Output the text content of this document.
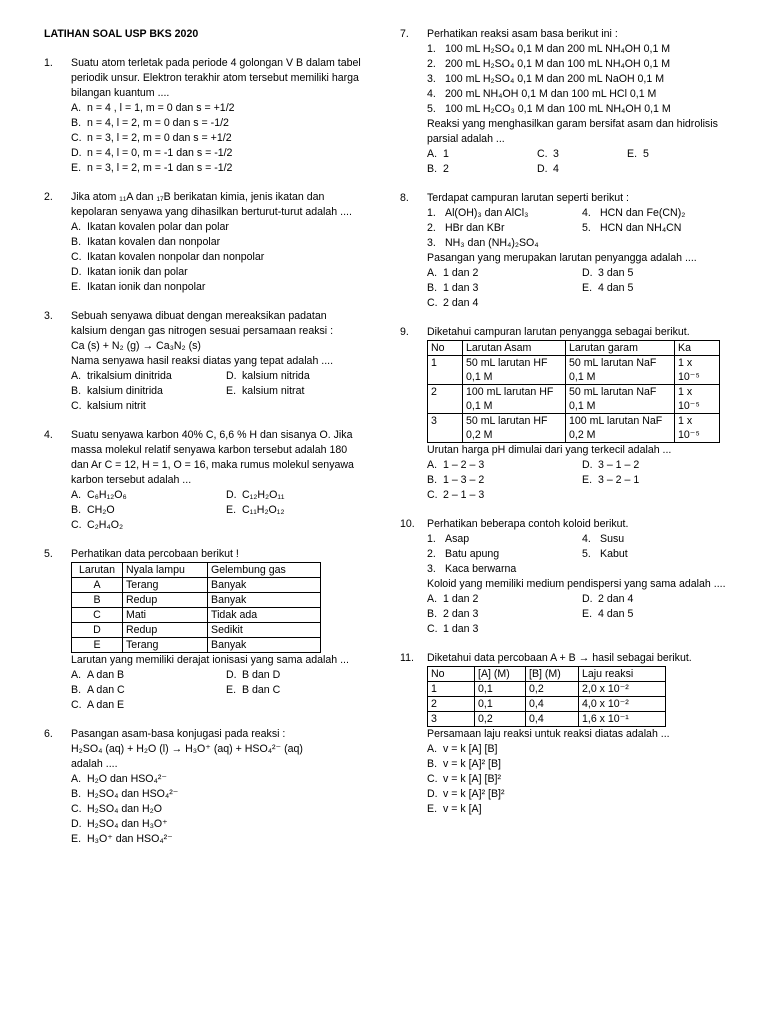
LATIHAN SOAL USP BKS 2020
1.	Suatu atom terletak pada periode 4 golongan V B dalam tabel periodik unsur. Elektron terakhir atom tersebut memiliki harga bilangan kuantum ....
A. n = 4 , l = 1, m = 0 dan s = +1/2
B. n = 4, l = 2, m = 0 dan s = -1/2
C. n = 3, l = 2, m = 0 dan s = +1/2
D. n = 4, l = 0, m = -1 dan s = -1/2
E. n = 3, l = 2, m = -1 dan s = -1/2
2.	Jika atom ₁₁A dan ₁₇B berikatan kimia, jenis ikatan dan kepolaran senyawa yang dihasilkan berturut-turut adalah ....
A. Ikatan kovalen polar dan polar
B. Ikatan kovalen dan nonpolar
C. Ikatan kovalen nonpolar dan nonpolar
D. Ikatan ionik dan polar
E. Ikatan ionik dan nonpolar
3.	Sebuah senyawa dibuat dengan mereaksikan padatan kalsium dengan gas nitrogen sesuai persamaan reaksi :
Ca (s) + N₂ (g) → Ca₃N₂ (s)
Nama senyawa hasil reaksi diatas yang tepat adalah ....
A. trikalsium dinitrida	D. kalsium nitrida
B. kalsium dinitrida	E. kalsium nitrat
C. kalsium nitrit
4.	Suatu senyawa karbon 40% C, 6,6 % H dan sisanya O. Jika massa molekul relatif senyawa karbon tersebut adalah 180 dan Ar C = 12, H = 1, O = 16, maka rumus molekul senyawa karbon tersebut adalah ...
A. C₆H₁₂O₆	D. C₁₂H₂O₁₁
B. CH₂O	E. C₁₁H₂O₁₂
C. C₂H₄O₂
5.	Perhatikan data percobaan berikut !
Larutan	Nyala lampu	Gelembung gas
A	Terang	Banyak
B	Redup	Banyak
C	Mati	Tidak ada
D	Redup	Sedikit
E	Terang	Banyak
Larutan yang memiliki derajat ionisasi yang sama adalah ...
A. A dan B	D. B dan D
B. A dan C	E. B dan C
C. A dan E
6.	Pasangan asam-basa konjugasi pada reaksi :
H₂SO₄ (aq) + H₂O (l) → H₃O⁺ (aq) + HSO₄²⁻ (aq)
adalah ....
A. H₂O dan HSO₄²⁻
B. H₂SO₄ dan HSO₄²⁻
C. H₂SO₄ dan H₂O
D. H₂SO₄ dan H₃O⁺
E. H₃O⁺ dan HSO₄²⁻
7.	Perhatikan reaksi asam basa berikut ini :
1. 100 mL H₂SO₄ 0,1 M dan 200 mL NH₄OH 0,1 M
2. 200 mL H₂SO₄ 0,1 M dan 100 mL NH₄OH 0,1 M
3. 100 mL H₂SO₄ 0,1 M dan 200 mL NaOH 0,1 M
4. 200 mL NH₄OH 0,1 M dan 100 mL HCl 0,1 M
5. 100 mL H₂CO₃ 0,1 M dan 100 mL NH₄OH 0,1 M
Reaksi yang menghasilkan garam bersifat asam dan hidrolisis parsial adalah ...
A. 1	C. 3	E. 5
B. 2	D. 4
8.	Terdapat campuran larutan seperti berikut :
1. Al(OH)₃ dan AlCl₃	4. HCN dan Fe(CN)₂
2. HBr dan KBr	5. HCN dan NH₄CN
3. NH₃ dan (NH₄)₂SO₄
Pasangan yang merupakan larutan penyangga adalah ....
A. 1 dan 2	D. 3 dan 5
B. 1 dan 3	E. 4 dan 5
C. 2 dan 4
9.	Diketahui campuran larutan penyangga sebagai berikut.
No	Larutan Asam	Larutan garam	Ka
1	50 mL larutan HF 0,1 M	50 mL larutan NaF 0,1 M	1 x 10⁻⁵
2	100 mL larutan HF 0,1 M	50 mL larutan NaF 0,1 M	1 x 10⁻⁵
3	50 mL larutan HF 0,2 M	100 mL larutan NaF 0,2 M	1 x 10⁻⁵
Urutan harga pH dimulai dari yang terkecil adalah ...
A. 1 – 2 – 3	D. 3 – 1 – 2
B. 1 – 3 – 2	E. 3 – 2 – 1
C. 2 – 1 – 3
10.	Perhatikan beberapa contoh koloid berikut.
1. Asap	4. Susu
2. Batu apung	5. Kabut
3. Kaca berwarna
Koloid yang memiliki medium pendispersi yang sama adalah ....
A. 1 dan 2	D. 2 dan 4
B. 2 dan 3	E. 4 dan 5
C. 1 dan 3
11.	Diketahui data percobaan A + B → hasil sebagai berikut.
No	[A] (M)	[B] (M)	Laju reaksi
1	0,1	0,2	2,0 x 10⁻²
2	0,1	0,4	4,0 x 10⁻²
3	0,2	0,4	1,6 x 10⁻¹
Persamaan laju reaksi untuk reaksi diatas adalah ...
A. v = k [A] [B]
B. v = k [A]² [B]
C. v = k [A] [B]²
D. v = k [A]² [B]²
E. v = k [A]
